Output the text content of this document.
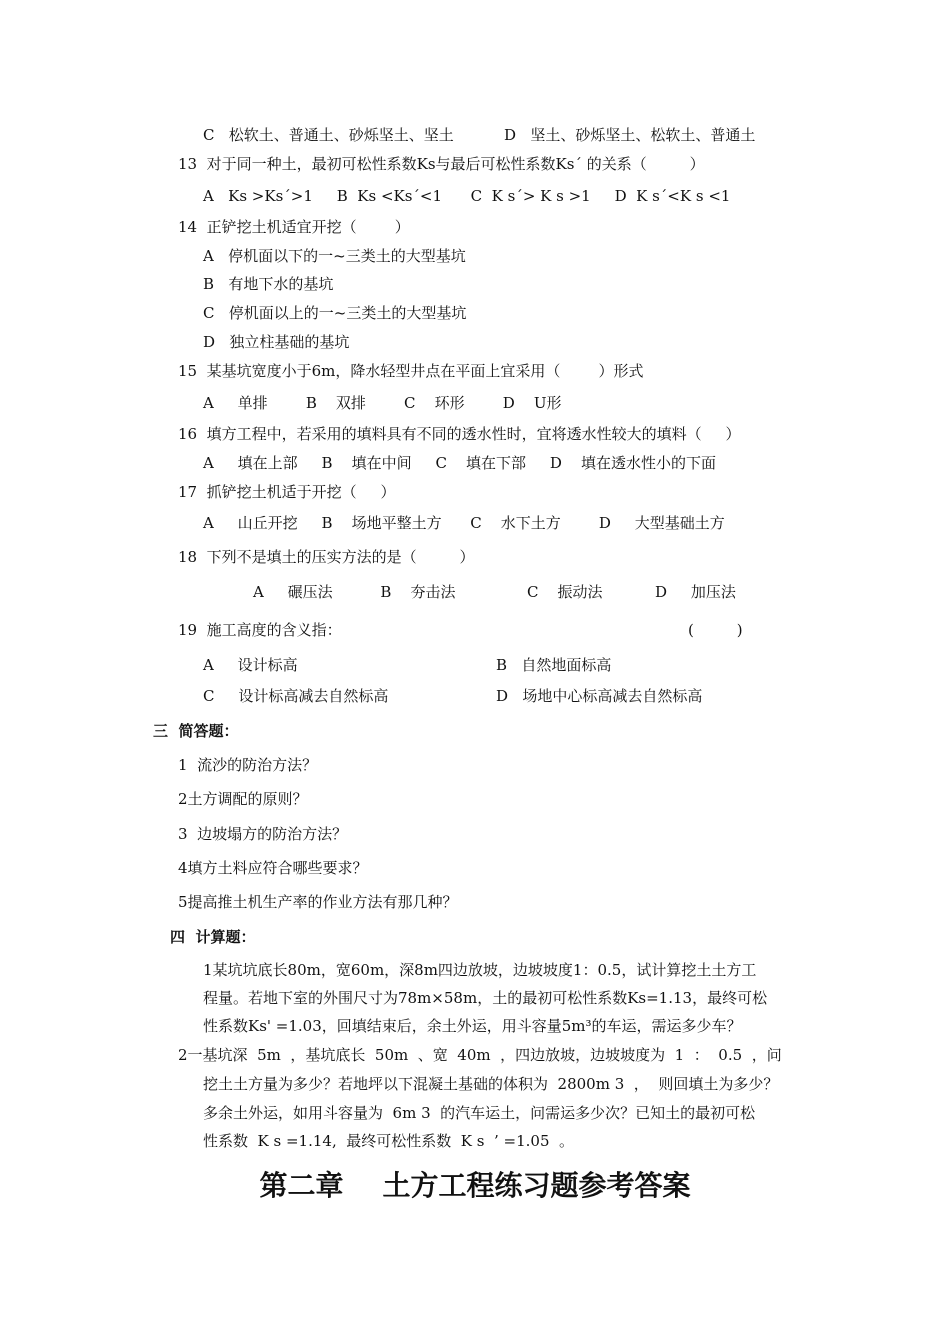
C   松软土、普通土、砂烁坚土、坚土	D   坚土、砂烁坚土、松软土、普通土
13  对于同一种土，最初可松性系数Ks与最后可松性系数Ks´ 的关系（         ）
A   Ks >Ks´>1     B  Ks <Ks´<1      C  K s´> K s >1     D  K s´<K s <1
14  正铲挖土机适宜开挖（        ）
A   停机面以下的一~三类土的大型基坑
B   有地下水的基坑
C   停机面以上的一~三类土的大型基坑
D   独立柱基础的基坑
15  某基坑宽度小于6m，降水轻型井点在平面上宜采用（        ）形式
A     单排        B    双排        C    环形        D    U形
16  填方工程中，若采用的填料具有不同的透水性时，宜将透水性较大的填料（     ）
A     填在上部     B    填在中间     C    填在下部     D    填在透水性小的下面
17  抓铲挖土机适于开挖（     ）
A     山丘开挖     B    场地平整土方      C    水下土方        D     大型基础土方
18  下列不是填土的压实方法的是（         ）
A     碾压法          B    夯击法               C    振动法           D     加压法
19  施工高度的含义指：	(         )
A     设计标高	B   自然地面标高
C     设计标高减去自然标高	D   场地中心标高减去自然标高
三  简答题：
1  流沙的防治方法？
2土方调配的原则？
3  边坡塌方的防治方法？
4填方土料应符合哪些要求？
5提高推土机生产率的作业方法有那几种？
四  计算题：
1某坑坑底长80m，宽60m，深8m四边放坡，边坡坡度1：0.5，试计算挖土土方工
程量。若地下室的外围尺寸为78m×58m，土的最初可松性系数Ks=1.13，最终可松
性系数Ks' =1.03，回填结束后，余土外运，用斗容量5m³的车运，需运多少车？
2一基坑深  5m  ，基坑底长  50m  、宽  40m  ，四边放坡，边坡坡度为  1  ：  0.5  ，问
挖土土方量为多少？若地坪以下混凝土基础的体积为  2800m 3  ，  则回填土为多少？
多余土外运，如用斗容量为  6m 3  的汽车运土，问需运多少次？已知土的最初可松
性系数  K s =1.14,  最终可松性系数  K s  ’ =1.05  。
第二章    土方工程练习题参考答案
